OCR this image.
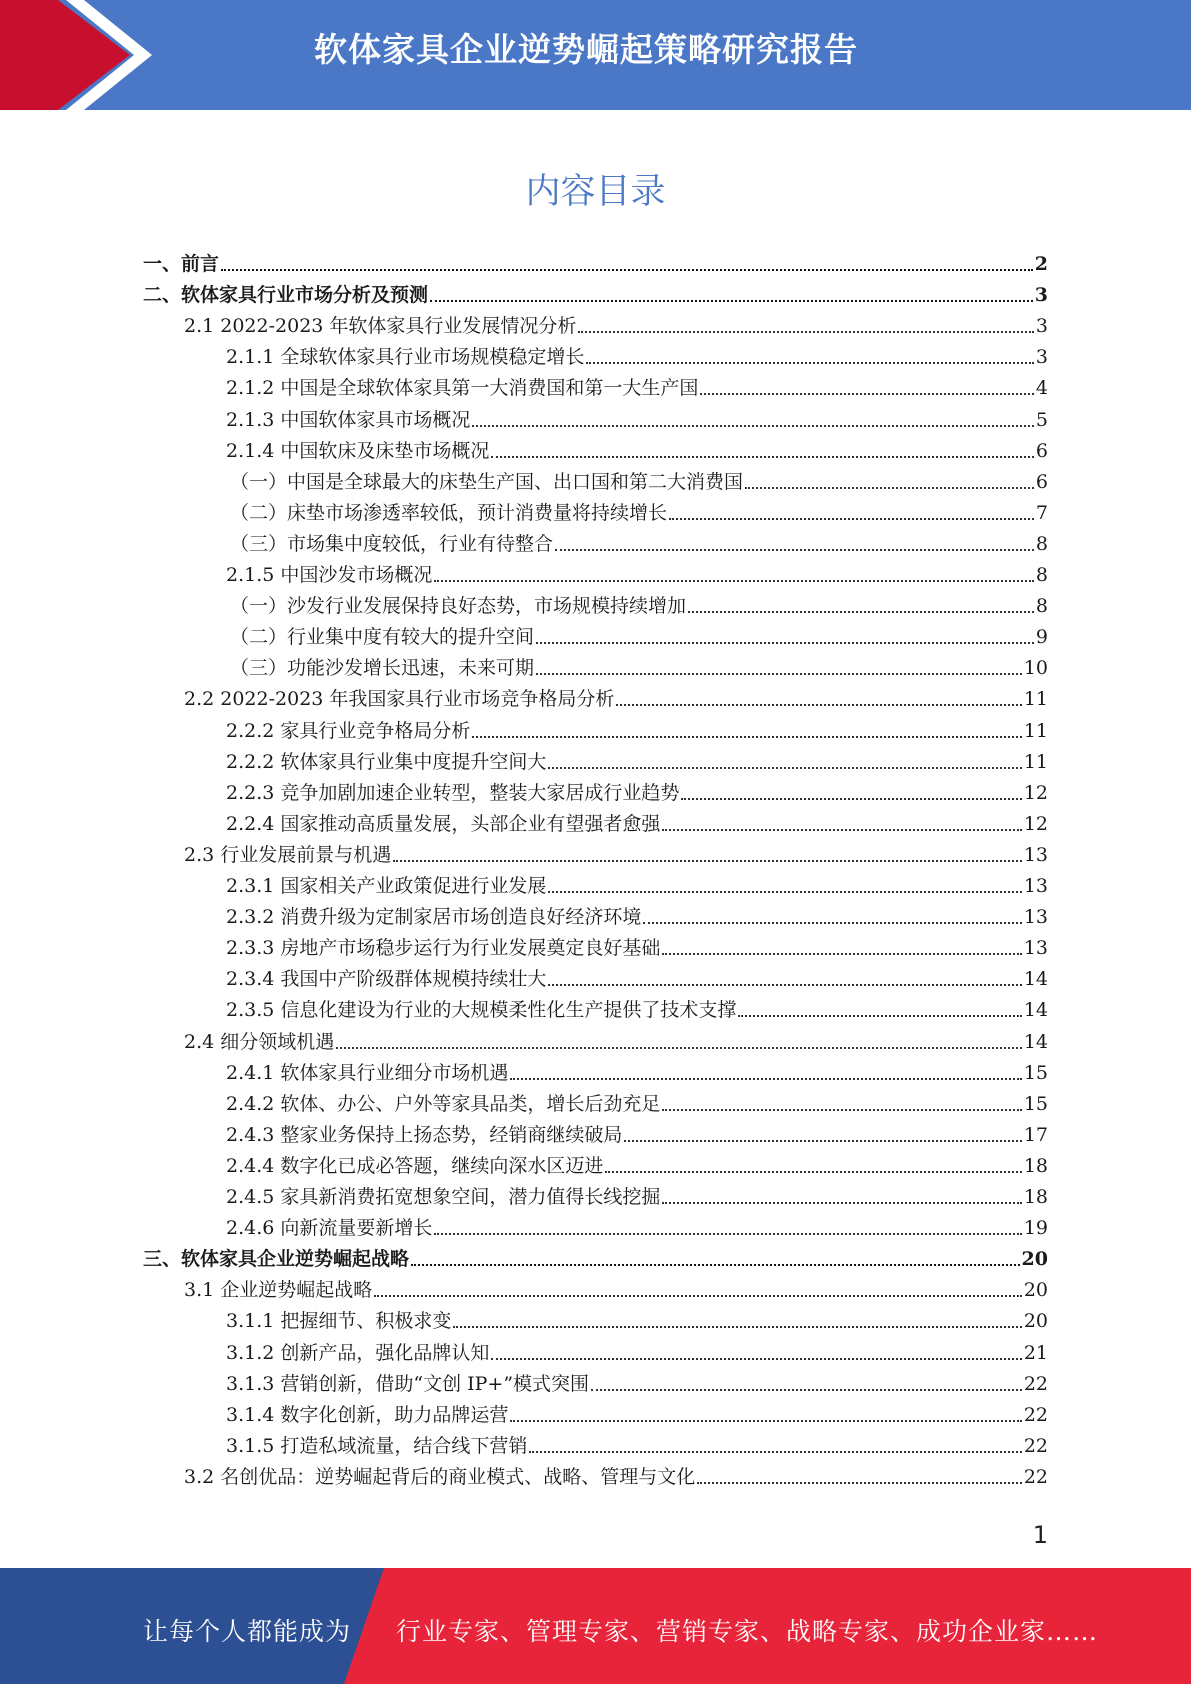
软体家具企业逆势崛起策略研究报告
内容目录
一、前言	2
二、软体家具行业市场分析及预测	3
2.1 2022-2023 年软体家具行业发展情况分析	3
2.1.1 全球软体家具行业市场规模稳定增长	3
2.1.2 中国是全球软体家具第一大消费国和第一大生产国	4
2.1.3 中国软体家具市场概况	5
2.1.4 中国软床及床垫市场概况	6
（一）中国是全球最大的床垫生产国、出口国和第二大消费国	6
（二）床垫市场渗透率较低，预计消费量将持续增长	7
（三）市场集中度较低，行业有待整合	8
2.1.5 中国沙发市场概况	8
（一）沙发行业发展保持良好态势，市场规模持续增加	8
（二）行业集中度有较大的提升空间	9
（三）功能沙发增长迅速，未来可期	10
2.2 2022-2023 年我国家具行业市场竞争格局分析	11
2.2.2 家具行业竞争格局分析	11
2.2.2 软体家具行业集中度提升空间大	11
2.2.3 竞争加剧加速企业转型，整装大家居成行业趋势	12
2.2.4 国家推动高质量发展，头部企业有望强者愈强	12
2.3 行业发展前景与机遇	13
2.3.1 国家相关产业政策促进行业发展	13
2.3.2 消费升级为定制家居市场创造良好经济环境	13
2.3.3 房地产市场稳步运行为行业发展奠定良好基础	13
2.3.4 我国中产阶级群体规模持续壮大	14
2.3.5 信息化建设为行业的大规模柔性化生产提供了技术支撑	14
2.4 细分领域机遇	14
2.4.1 软体家具行业细分市场机遇	15
2.4.2 软体、办公、户外等家具品类，增长后劲充足	15
2.4.3 整家业务保持上扬态势，经销商继续破局	17
2.4.4 数字化已成必答题，继续向深水区迈进	18
2.4.5 家具新消费拓宽想象空间，潜力值得长线挖掘	18
2.4.6 向新流量要新增长	19
三、软体家具企业逆势崛起战略	20
3.1 企业逆势崛起战略	20
3.1.1 把握细节、积极求变	20
3.1.2 创新产品，强化品牌认知	21
3.1.3 营销创新，借助“文创 IP+”模式突围	22
3.1.4 数字化创新，助力品牌运营	22
3.1.5 打造私域流量，结合线下营销	22
3.2 名创优品：逆势崛起背后的商业模式、战略、管理与文化	22
1
让每个人都能成为 行业专家、管理专家、营销专家、战略专家、成功企业家……
